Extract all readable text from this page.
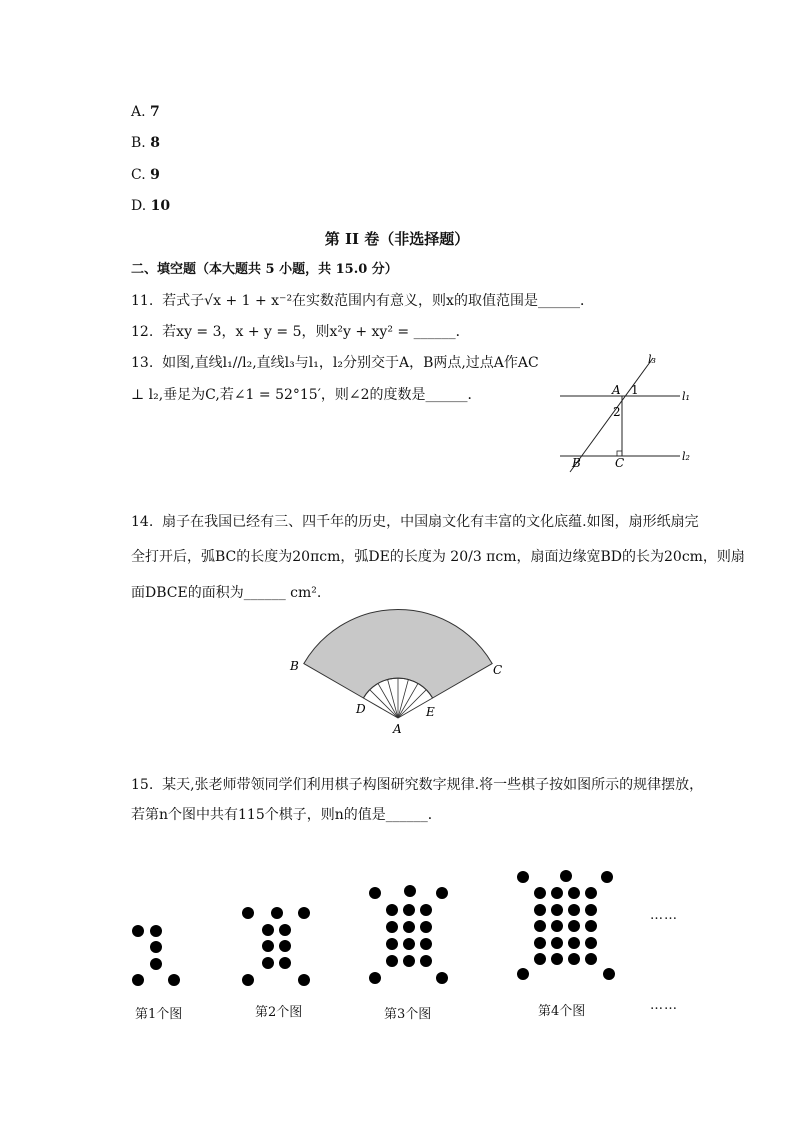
A. 7
B. 8
C. 9
D. 10
第 II 卷（非选择题）
二、填空题（本大题共 5 小题，共 15.0 分）
11. 若式子√x + 1 + x⁻²在实数范围内有意义，则x的取值范围是______．
12. 若xy = 3，x + y = 5，则x²y + xy² = ______．
13. 如图,直线l₁//l₂,直线l₃与l₁，l₂分别交于A，B两点,过点A作AC
⊥ l₂,垂足为C,若∠1 = 52°15′，则∠2的度数是______．
l₃
A 1	l₁
2
B	C	l₂
14. 扇子在我国已经有三、四千年的历史，中国扇文化有丰富的文化底蕴.如图，扇形纸扇完
全打开后，弧BC的长度为20πcm，弧DE的长度为 20/3 πcm，扇面边缘宽BD的长为20cm，则扇
面DBCE的面积为______ cm².
B	C
D	E
A
15. 某天,张老师带领同学们利用棋子构图研究数字规律.将一些棋子按如图所示的规律摆放，
若第n个图中共有115个棋子，则n的值是______．
……
……
第1个图	第2个图	第3个图	第4个图
